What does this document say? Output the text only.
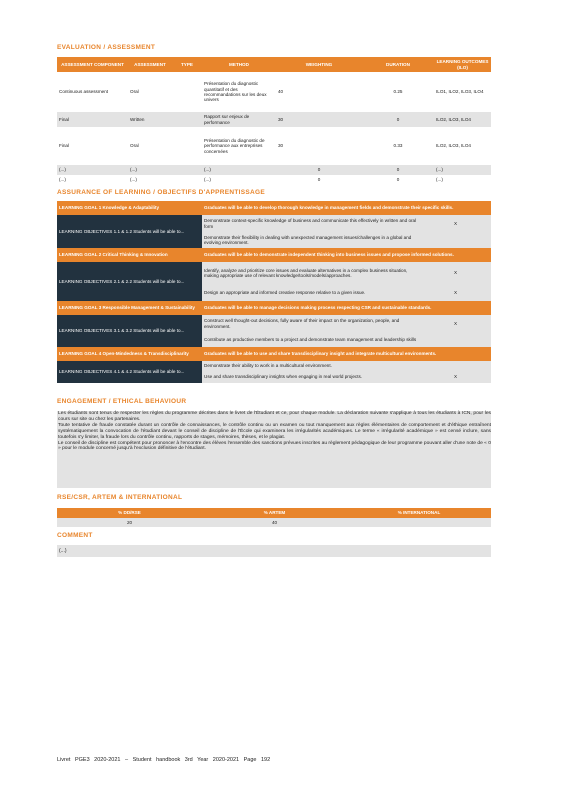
EVALUATION / ASSESSMENT
ASSESSMENT COMPONENT	ASSESSMENT	TYPE	METHOD	WEIGHTING	DURATION	LEARNING OUTCOMES (ILO)
Continuous assessment	Oral		Présentation du diagnostic quantitatif et des recommandations sur les deux univers	40	0.25	ILO1, ILO2, ILO3, ILO4
Final	Written		Rapport sur enjeux de performance	30	0	ILO2, ILO3, ILO4
Final	Oral		Présentation du diagnostic de performance aux entreprises concernées	30	0.33	ILO2, ILO3, ILO4
(...)	(...)		(...)	0	0	(...)
(...)	(...)		(...)	0	0	(...)
ASSURANCE OF LEARNING / OBJECTIFS D'APPRENTISSAGE
LEARNING GOAL 1 Knowledge & Adaptability	Graduates will be able to develop thorough knowledge in management fields and demonstrate their specific skills.	
LEARNING OBJECTIVES 1.1 & 1.2 Students will be able to...	Demonstrate context-specific knowledge of business and communicate this effectively in written and oral form	X
	Demonstrate their flexibility in dealing with unexpected management issues/challenges in a global and evolving environment.	
LEARNING GOAL 2 Critical Thinking & Innovation	Graduates will be able to demonstrate independent thinking into business issues and propose informed solutions.	
LEARNING OBJECTIVES 2.1 & 2.2 Students will be able to...	Identify, analyze and prioritize core issues and evaluate alternatives in a complex business situation, making appropriate use of relevant knowledge/tools/models/approaches.	X
	Design an appropriate and informed creative response relative to a given issue.	X
LEARNING GOAL 3 Responsible Management & Sustainability	Graduates will be able to manage decisions making process respecting CSR and sustainable standards.	
LEARNING OBJECTIVES 3.1 & 3.2 Students will be able to...	Construct well thought-out decisions, fully aware of their impact on the organization, people, and environment.	X
	Contribute as productive members to a project and demonstrate team management and leadership skills	
LEARNING GOAL 4 Open-Mindedness & Transdisciplinarity	Graduates will be able to use and share transdisciplinary insight and integrate multicultural environments.	
LEARNING OBJECTIVES 4.1 & 4.2 Students will be able to...	Demonstrate their ability to work in a multicultural environment.	
	Use and share transdisciplinary insights when engaging in real world projects.	X
ENGAGEMENT / ETHICAL BEHAVIOUR

Les étudiants sont tenus de respecter les règles du programme décrites dans le livret de l'Étudiant et ce, pour chaque module. La déclaration suivante s'applique à tous les étudiants à ICN, pour les cours sur site ou chez les partenaires.

Toute tentative de fraude constatée durant un contrôle de connaissances, le contrôle continu ou un examen ou tout manquement aux règles élémentaires de comportement et d'éthique entraînent systématiquement la convocation de l'étudiant devant le conseil de discipline de l'École qui examinera les irrégularités académiques. Le terme « irrégularité académique » est censé inclure, sans toutefois s'y limiter, la fraude lors du contrôle continu, rapports de stages, mémoires, thèses, et le plagiat.

Le conseil de discipline est compétent pour prononcer à l'encontre des élèves l'ensemble des sanctions prévues inscrites au règlement pédagogique de leur programme pouvant aller d'une note de « 0 » pour le module concerné jusqu'à l'exclusion définitive de l'étudiant.

RSE/CSR, ARTEM & INTERNATIONAL
% DD/RSE	% ARTEM	% INTERNATIONAL
20	40	
COMMENT
(...)
Livret PGE3 2020-2021 – Student handbook 3rd Year 2020-2021 Page 192
